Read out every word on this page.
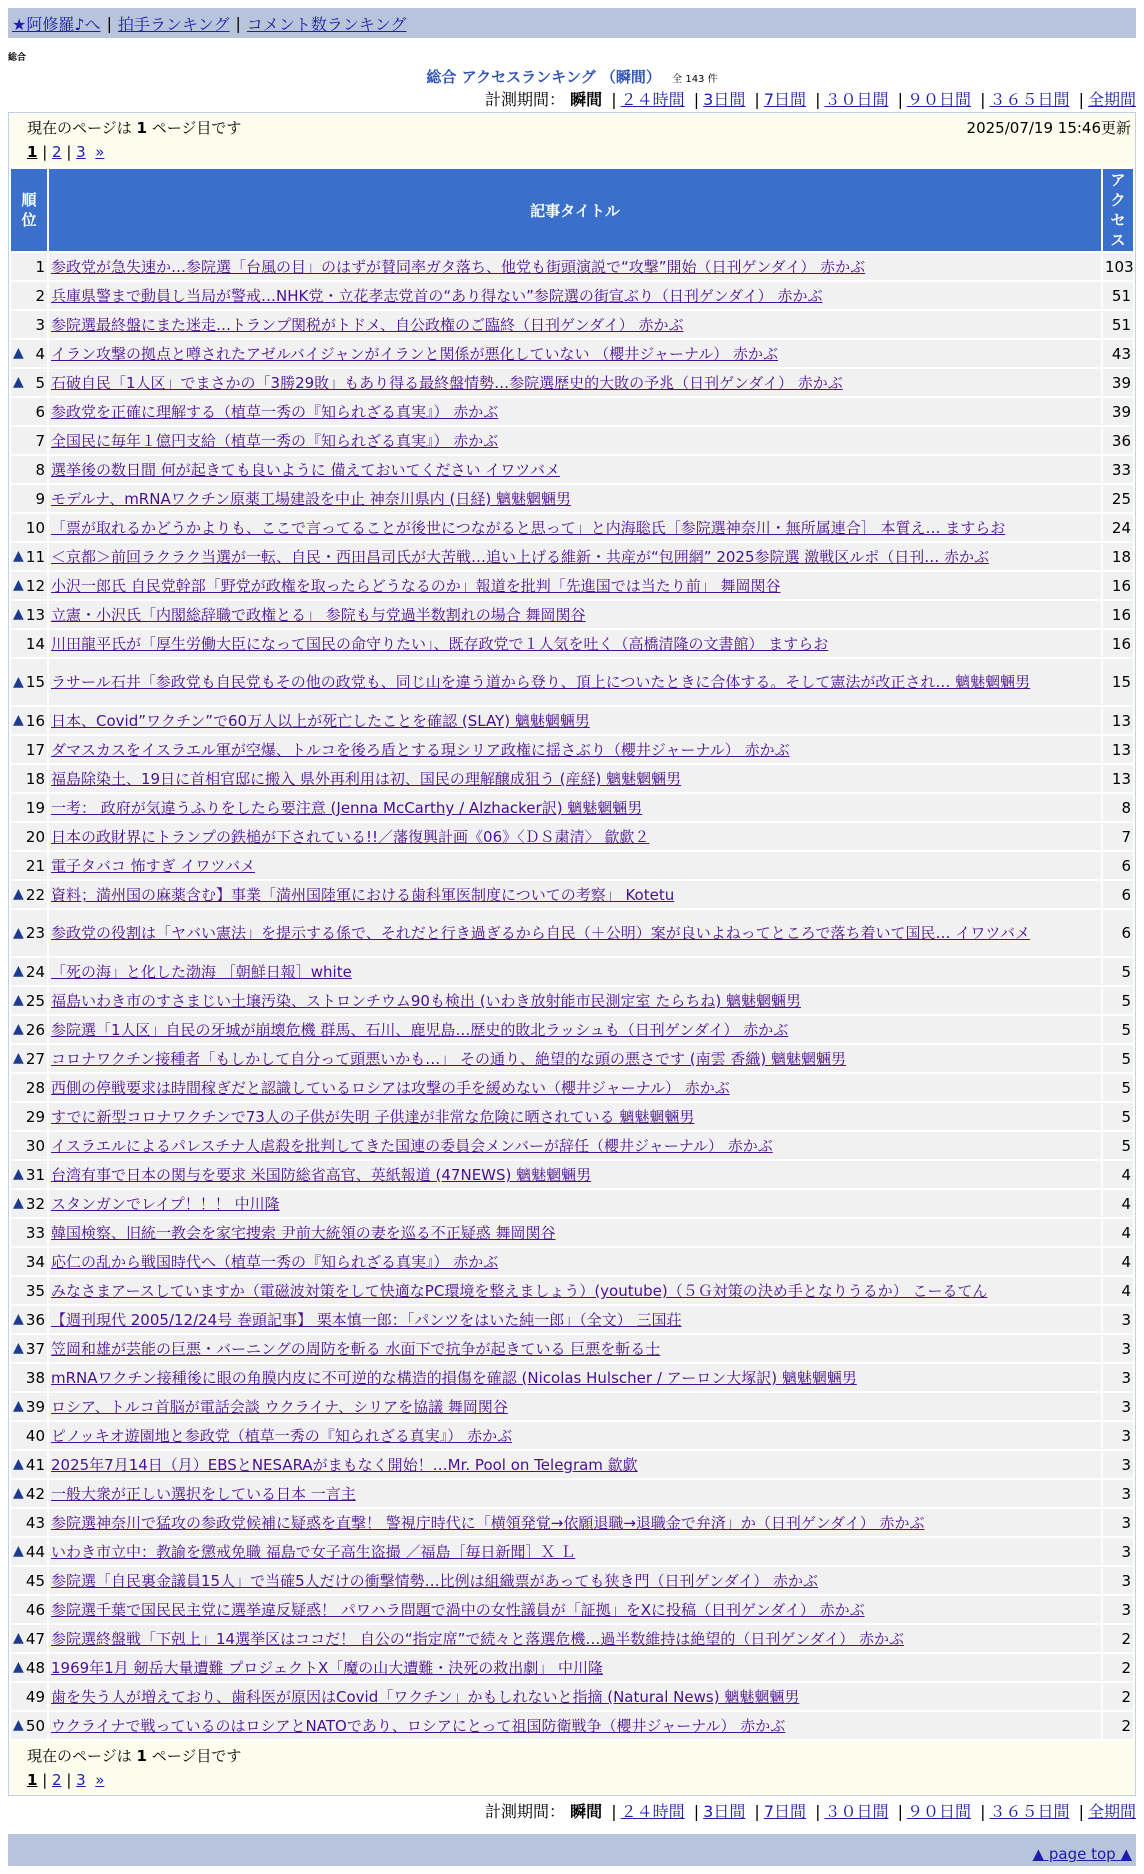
★阿修羅♪へ | 拍手ランキング | コメント数ランキング
総合
総合 アクセスランキング （瞬間） 全 143 件
計測期間： 瞬間 | ２４時間 | 3日間 | 7日間 | ３０日間 | ９０日間 | ３６５日間 | 全期間
現在のページは 1 ページ目です	2025/07/19 15:46更新
1 | 2 | 3 »
順
位	記事タイトル	アク
セス
1	参政党が急失速か…参院選「台風の目」のはずが賛同率ガタ落ち、他党も街頭演説で“攻撃”開始（日刊ゲンダイ） 赤かぶ	103
2	兵庫県警まで動員し当局が警戒…NHK党・立花孝志党首の“あり得ない”参院選の街宣ぶり（日刊ゲンダイ） 赤かぶ	51
3	参院選最終盤にまた迷走…トランプ関税がトドメ、自公政権のご臨終（日刊ゲンダイ） 赤かぶ	51

▲ 4	イラン攻撃の拠点と噂されたアゼルバイジャンがイランと関係が悪化していない （櫻井ジャーナル） 赤かぶ	43

▲ 5	石破自民「1人区」でまさかの「3勝29敗」もあり得る最終盤情勢…参院選歴史的大敗の予兆（日刊ゲンダイ） 赤かぶ	39
6	参政党を正確に理解する（植草一秀の『知られざる真実』） 赤かぶ	39
7	全国民に毎年１億円支給（植草一秀の『知られざる真実』） 赤かぶ	36
8	選挙後の数日間 何が起きても良いように 備えておいてください イワツバメ	33
9	モデルナ、mRNAワクチン原薬工場建設を中止 神奈川県内 (日経) 魑魅魍魎男	25
10	「票が取れるかどうかよりも、ここで言ってることが後世につながると思って」と内海聡氏［参院選神奈川・無所属連合］ 本質え… ますらお	24

▲ 11	＜京都＞前回ラクラク当選が一転、自民・西田昌司氏が大苦戦…追い上げる維新・共産が“包囲網” 2025参院選 激戦区ルポ（日刊… 赤かぶ	18

▲ 12	小沢一郎氏 自民党幹部「野党が政権を取ったらどうなるのか」報道を批判「先進国では当たり前」 舞岡関谷	16

▲ 13	立憲・小沢氏「内閣総辞職で政権とる」 参院も与党過半数割れの場合 舞岡関谷	16
14	川田龍平氏が「厚生労働大臣になって国民の命守りたい」、既存政党で１人気を吐く（高橋清隆の文書館） ますらお	16

▲ 15	ラサール石井「参政党も自民党もその他の政党も、同じ山を違う道から登り、頂上についたときに合体する。そして憲法が改正され… 魑魅魍魎男	15

▲ 16	日本、Covid”ワクチン”で60万人以上が死亡したことを確認 (SLAY) 魑魅魍魎男	13
17	ダマスカスをイスラエル軍が空爆、トルコを後ろ盾とする現シリア政権に揺さぶり（櫻井ジャーナル） 赤かぶ	13
18	福島除染土、19日に首相官邸に搬入 県外再利用は初、国民の理解醸成狙う (産経) 魑魅魍魎男	13
19	一考： 政府が気違うふりをしたら要注意 (Jenna McCarthy / Alzhacker訳) 魑魅魍魎男	8
20	日本の政財界にトランプの鉄槌が下されている!!／藩復興計画《06》〈ＤＳ粛清〉 歙歔２	7
21	電子タバコ 怖すぎ イワツバメ	6

▲ 22	資料；満州国の麻薬含む】事業「満州国陸軍における歯科軍医制度についての考察」 Kotetu	6

▲ 23	参政党の役割は「ヤバい憲法」を提示する係で、それだと行き過ぎるから自民（＋公明）案が良いよねってところで落ち着いて国民… イワツバメ	6

▲ 24	「死の海」と化した渤海 ［朝鮮日報］white	5

▲ 25	福島いわき市のすさまじい土壌汚染、ストロンチウム90も検出 (いわき放射能市民測定室 たらちね) 魑魅魍魎男	5

▲ 26	参院選「1人区」自民の牙城が崩壊危機 群馬、石川、鹿児島…歴史的敗北ラッシュも（日刊ゲンダイ） 赤かぶ	5

▲ 27	コロナワクチン接種者「もしかして自分って頭悪いかも…」 その通り、絶望的な頭の悪さです (南雲 香織) 魑魅魍魎男	5
28	西側の停戦要求は時間稼ぎだと認識しているロシアは攻撃の手を緩めない（櫻井ジャーナル） 赤かぶ	5
29	すでに新型コロナワクチンで73人の子供が失明 子供達が非常な危険に晒されている 魑魅魍魎男	5
30	イスラエルによるパレスチナ人虐殺を批判してきた国連の委員会メンバーが辞任（櫻井ジャーナル） 赤かぶ	5

▲ 31	台湾有事で日本の関与を要求 米国防総省高官、英紙報道 (47NEWS) 魑魅魍魎男	4

▲ 32	スタンガンでレイプ！！！ 中川隆	4
33	韓国検察、旧統一教会を家宅捜索 尹前大統領の妻を巡る不正疑惑 舞岡関谷	4
34	応仁の乱から戦国時代へ（植草一秀の『知られざる真実』） 赤かぶ	4
35	みなさまアースしていますか（電磁波対策をして快適なPC環境を整えましょう）(youtube)（５Ｇ対策の決め手となりうるか） こーるてん	4

▲ 36	【週刊現代 2005/12/24号 巻頭記事】 栗本慎一郎：「パンツをはいた純一郎」（全文） 三国荘	3

▲ 37	笠岡和雄が芸能の巨悪・バーニングの周防を斬る 水面下で抗争が起きている 巨悪を斬る士	3
38	mRNAワクチン接種後に眼の角膜内皮に不可逆的な構造的損傷を確認 (Nicolas Hulscher / アーロン大塚訳) 魑魅魍魎男	3

▲ 39	ロシア、トルコ首脳が電話会談 ウクライナ、シリアを協議 舞岡関谷	3
40	ピノッキオ遊園地と参政党（植草一秀の『知られざる真実』） 赤かぶ	3

▲ 41	2025年7月14日（月）EBSとNESARAがまもなく開始！…Mr. Pool on Telegram 歙歔	3

▲ 42	一般大衆が正しい選択をしている日本 一言主	3
43	参院選神奈川で猛攻の参政党候補に疑惑を直撃！ 警視庁時代に「横領発覚→依願退職→退職金で弁済」か（日刊ゲンダイ） 赤かぶ	3

▲ 44	いわき市立中：教諭を懲戒免職 福島で女子高生盗撮 ／福島［毎日新聞］Ｘ Ｌ	3
45	参院選「自民裏金議員15人」で当確5人だけの衝撃情勢…比例は組織票があっても狭き門（日刊ゲンダイ） 赤かぶ	3
46	参院選千葉で国民民主党に選挙違反疑惑！ パワハラ問題で渦中の女性議員が「証拠」をXに投稿（日刊ゲンダイ） 赤かぶ	3

▲ 47	参院選終盤戦「下剋上」14選挙区はココだ！ 自公の“指定席”で続々と落選危機…過半数維持は絶望的（日刊ゲンダイ） 赤かぶ	2

▲ 48	1969年1月 剱岳大量遭難 プロジェクトX「魔の山大遭難・決死の救出劇」 中川隆	2
49	歯を失う人が増えており、歯科医が原因はCovid「ワクチン」かもしれないと指摘 (Natural News) 魑魅魍魎男	2

▲ 50	ウクライナで戦っているのはロシアとNATOであり、ロシアにとって祖国防衛戦争（櫻井ジャーナル） 赤かぶ	2
現在のページは 1 ページ目です
1 | 2 | 3 »
計測期間： 瞬間 | ２４時間 | 3日間 | 7日間 | ３０日間 | ９０日間 | ３６５日間 | 全期間
▲ page top ▲
